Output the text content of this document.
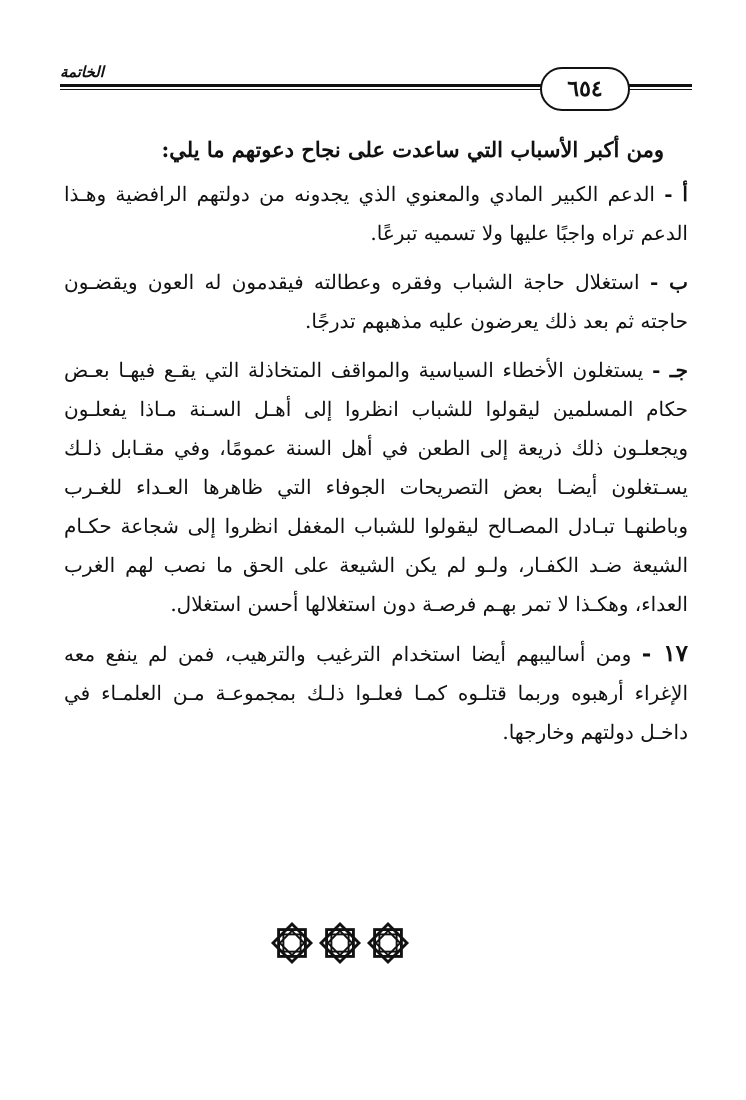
الخاتمة
٦٥٤

ومن أكبر الأسباب التي ساعدت على نجاح دعوتهم ما يلي:

أ - الدعم الكبير المادي والمعنوي الذي يجدونه من دولتهم الرافضية وهـذا الدعم تراه واجبًا عليها ولا تسميه تبرعًا.

ب - استغلال حاجة الشباب وفقره وعطالته فيقدمون له العون ويقضـون حاجته ثم بعد ذلك يعرضون عليه مذهبهم تدرجًا.

جـ - يستغلون الأخطاء السياسية والمواقف المتخاذلة التي يقـع فيهـا بعـض حكام المسلمين ليقولوا للشباب انظروا إلى أهـل السـنة مـاذا يفعلـون ويجعلـون ذلك ذريعة إلى الطعن في أهل السنة عمومًا، وفي مقـابل ذلـك يسـتغلون أيضـا بعض التصريحات الجوفاء التي ظاهرها العـداء للغـرب وباطنهـا تبـادل المصـالح ليقولوا للشباب المغفل انظروا إلى شجاعة حكـام الشيعة ضـد الكفـار، ولـو لم يكن الشيعة على الحق ما نصب لهم الغرب العداء، وهكـذا لا تمر بهـم فرصـة دون استغلالها أحسن استغلال.

١٧ - ومن أساليبهم أيضا استخدام الترغيب والترهيب، فمن لم ينفع معه الإغراء أرهبوه وربما قتلـوه كمـا فعلـوا ذلـك بمجموعـة مـن العلمـاء في داخـل دولتهم وخارجها.
